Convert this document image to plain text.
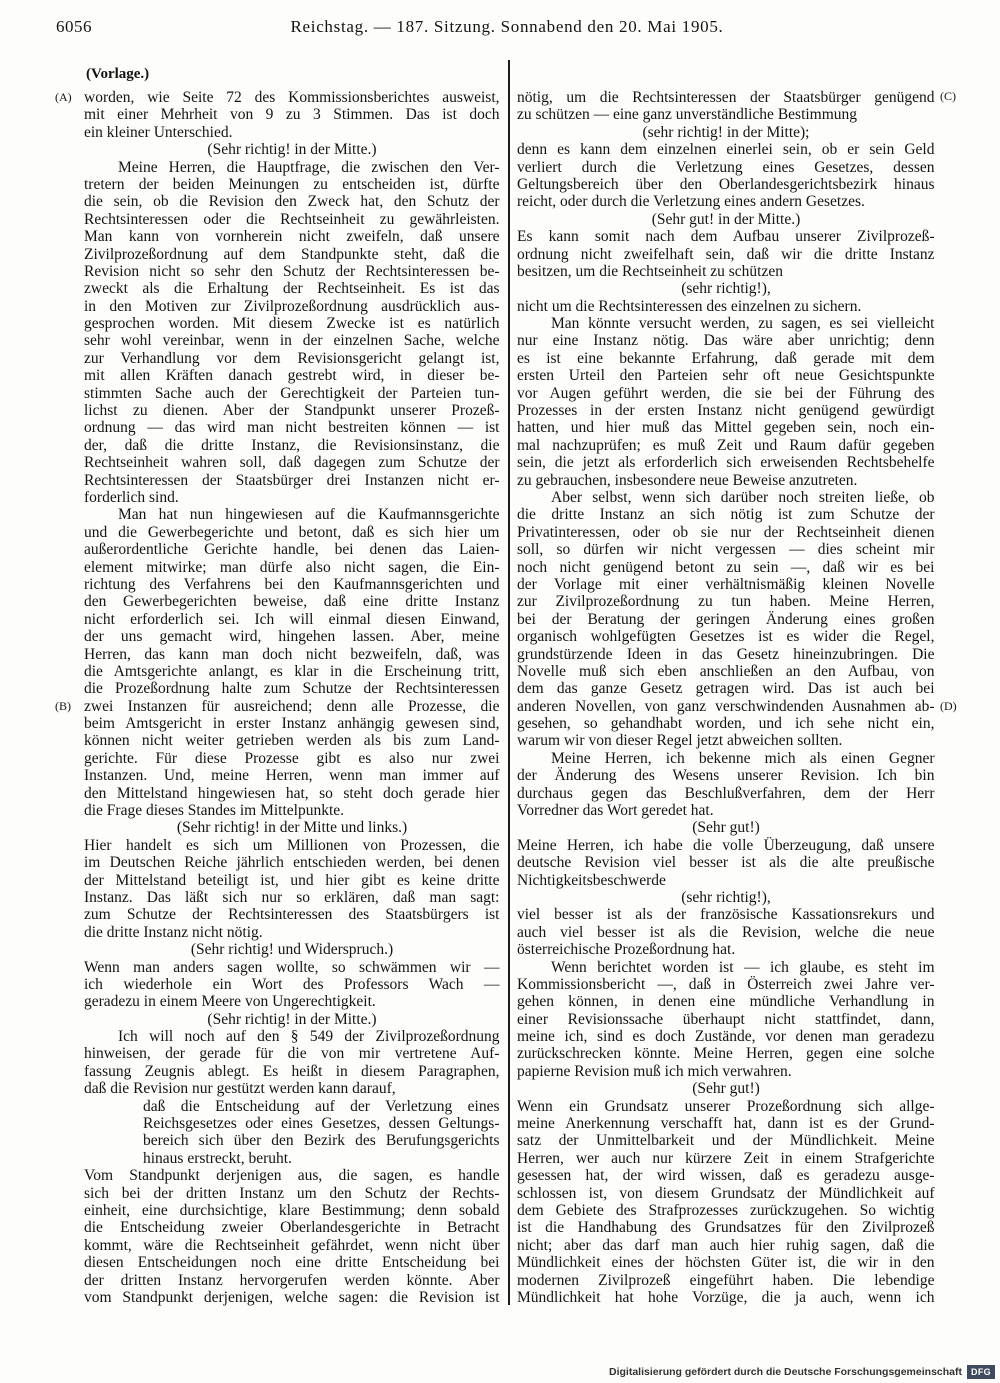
6056	Reichstag. — 187. Sitzung. Sonnabend den 20. Mai 1905.
(Vorlage.)
(A)
(B)
(C)
(D)
worden, wie Seite 72 des Kommissionsberichtes ausweist,
mit einer Mehrheit von 9 zu 3 Stimmen. Das ist doch
ein kleiner Unterschied.
(Sehr richtig! in der Mitte.)
Meine Herren, die Hauptfrage, die zwischen den Ver-
tretern der beiden Meinungen zu entscheiden ist, dürfte
die sein, ob die Revision den Zweck hat, den Schutz der
Rechtsinteressen oder die Rechtseinheit zu gewährleisten.
Man kann von vornherein nicht zweifeln, daß unsere
Zivilprozeßordnung auf dem Standpunkte steht, daß die
Revision nicht so sehr den Schutz der Rechtsinteressen be-
zweckt als die Erhaltung der Rechtseinheit. Es ist das
in den Motiven zur Zivilprozeßordnung ausdrücklich aus-
gesprochen worden. Mit diesem Zwecke ist es natürlich
sehr wohl vereinbar, wenn in der einzelnen Sache, welche
zur Verhandlung vor dem Revisionsgericht gelangt ist,
mit allen Kräften danach gestrebt wird, in dieser be-
stimmten Sache auch der Gerechtigkeit der Parteien tun-
lichst zu dienen. Aber der Standpunkt unserer Prozeß-
ordnung — das wird man nicht bestreiten können — ist
der, daß die dritte Instanz, die Revisionsinstanz, die
Rechtseinheit wahren soll, daß dagegen zum Schutze der
Rechtsinteressen der Staatsbürger drei Instanzen nicht er-
forderlich sind.
Man hat nun hingewiesen auf die Kaufmannsgerichte
und die Gewerbegerichte und betont, daß es sich hier um
außerordentliche Gerichte handle, bei denen das Laien-
element mitwirke; man dürfe also nicht sagen, die Ein-
richtung des Verfahrens bei den Kaufmannsgerichten und
den Gewerbegerichten beweise, daß eine dritte Instanz
nicht erforderlich sei. Ich will einmal diesen Einwand,
der uns gemacht wird, hingehen lassen. Aber, meine
Herren, das kann man doch nicht bezweifeln, daß, was
die Amtsgerichte anlangt, es klar in die Erscheinung tritt,
die Prozeßordnung halte zum Schutze der Rechtsinteressen
zwei Instanzen für ausreichend; denn alle Prozesse, die
beim Amtsgericht in erster Instanz anhängig gewesen sind,
können nicht weiter getrieben werden als bis zum Land-
gerichte. Für diese Prozesse gibt es also nur zwei
Instanzen. Und, meine Herren, wenn man immer auf
den Mittelstand hingewiesen hat, so steht doch gerade hier
die Frage dieses Standes im Mittelpunkte.
(Sehr richtig! in der Mitte und links.)
Hier handelt es sich um Millionen von Prozessen, die
im Deutschen Reiche jährlich entschieden werden, bei denen
der Mittelstand beteiligt ist, und hier gibt es keine dritte
Instanz. Das läßt sich nur so erklären, daß man sagt:
zum Schutze der Rechtsinteressen des Staatsbürgers ist
die dritte Instanz nicht nötig.
(Sehr richtig! und Widerspruch.)
Wenn man anders sagen wollte, so schwämmen wir —
ich wiederhole ein Wort des Professors Wach —
geradezu in einem Meere von Ungerechtigkeit.
(Sehr richtig! in der Mitte.)
Ich will noch auf den § 549 der Zivilprozeßordnung
hinweisen, der gerade für die von mir vertretene Auf-
fassung Zeugnis ablegt. Es heißt in diesem Paragraphen,
daß die Revision nur gestützt werden kann darauf,
daß die Entscheidung auf der Verletzung eines
Reichsgesetzes oder eines Gesetzes, dessen Geltungs-
bereich sich über den Bezirk des Berufungsgerichts
hinaus erstreckt, beruht.
Vom Standpunkt derjenigen aus, die sagen, es handle
sich bei der dritten Instanz um den Schutz der Rechts-
einheit, eine durchsichtige, klare Bestimmung; denn sobald
die Entscheidung zweier Oberlandesgerichte in Betracht
kommt, wäre die Rechtseinheit gefährdet, wenn nicht über
diesen Entscheidungen noch eine dritte Entscheidung bei
der dritten Instanz hervorgerufen werden könnte. Aber
vom Standpunkt derjenigen, welche sagen: die Revision ist
nötig, um die Rechtsinteressen der Staatsbürger genügend
zu schützen — eine ganz unverständliche Bestimmung
(sehr richtig! in der Mitte);
denn es kann dem einzelnen einerlei sein, ob er sein Geld
verliert durch die Verletzung eines Gesetzes, dessen
Geltungsbereich über den Oberlandesgerichtsbezirk hinaus
reicht, oder durch die Verletzung eines andern Gesetzes.
(Sehr gut! in der Mitte.)
Es kann somit nach dem Aufbau unserer Zivilprozeß-
ordnung nicht zweifelhaft sein, daß wir die dritte Instanz
besitzen, um die Rechtseinheit zu schützen
(sehr richtig!),
nicht um die Rechtsinteressen des einzelnen zu sichern.
Man könnte versucht werden, zu sagen, es sei vielleicht
nur eine Instanz nötig. Das wäre aber unrichtig; denn
es ist eine bekannte Erfahrung, daß gerade mit dem
ersten Urteil den Parteien sehr oft neue Gesichtspunkte
vor Augen geführt werden, die sie bei der Führung des
Prozesses in der ersten Instanz nicht genügend gewürdigt
hatten, und hier muß das Mittel gegeben sein, noch ein-
mal nachzuprüfen; es muß Zeit und Raum dafür gegeben
sein, die jetzt als erforderlich sich erweisenden Rechtsbehelfe
zu gebrauchen, insbesondere neue Beweise anzutreten.
Aber selbst, wenn sich darüber noch streiten ließe, ob
die dritte Instanz an sich nötig ist zum Schutze der
Privatinteressen, oder ob sie nur der Rechtseinheit dienen
soll, so dürfen wir nicht vergessen — dies scheint mir
noch nicht genügend betont zu sein —, daß wir es bei
der Vorlage mit einer verhältnismäßig kleinen Novelle
zur Zivilprozeßordnung zu tun haben. Meine Herren,
bei der Beratung der geringen Änderung eines großen
organisch wohlgefügten Gesetzes ist es wider die Regel,
grundstürzende Ideen in das Gesetz hineinzubringen. Die
Novelle muß sich eben anschließen an den Aufbau, von
dem das ganze Gesetz getragen wird. Das ist auch bei
anderen Novellen, von ganz verschwindenden Ausnahmen ab-
gesehen, so gehandhabt worden, und ich sehe nicht ein,
warum wir von dieser Regel jetzt abweichen sollten.
Meine Herren, ich bekenne mich als einen Gegner
der Änderung des Wesens unserer Revision. Ich bin
durchaus gegen das Beschlußverfahren, dem der Herr
Vorredner das Wort geredet hat.
(Sehr gut!)
Meine Herren, ich habe die volle Überzeugung, daß unsere
deutsche Revision viel besser ist als die alte preußische
Nichtigkeitsbeschwerde
(sehr richtig!),
viel besser ist als der französische Kassationsrekurs und
auch viel besser ist als die Revision, welche die neue
österreichische Prozeßordnung hat.
Wenn berichtet worden ist — ich glaube, es steht im
Kommissionsbericht —, daß in Österreich zwei Jahre ver-
gehen können, in denen eine mündliche Verhandlung in
einer Revisionssache überhaupt nicht stattfindet, dann,
meine ich, sind es doch Zustände, vor denen man geradezu
zurückschrecken könnte. Meine Herren, gegen eine solche
papierne Revision muß ich mich verwahren.
(Sehr gut!)
Wenn ein Grundsatz unserer Prozeßordnung sich allge-
meine Anerkennung verschafft hat, dann ist es der Grund-
satz der Unmittelbarkeit und der Mündlichkeit. Meine
Herren, wer auch nur kürzere Zeit in einem Strafgerichte
gesessen hat, der wird wissen, daß es geradezu ausge-
schlossen ist, von diesem Grundsatz der Mündlichkeit auf
dem Gebiete des Strafprozesses zurückzugehen. So wichtig
ist die Handhabung des Grundsatzes für den Zivilprozeß
nicht; aber das darf man auch hier ruhig sagen, daß die
Mündlichkeit eines der höchsten Güter ist, die wir in den
modernen Zivilprozeß eingeführt haben. Die lebendige
Mündlichkeit hat hohe Vorzüge, die ja auch, wenn ich
Digitalisierung gefördert durch die Deutsche Forschungsgemeinschaft	DFG
